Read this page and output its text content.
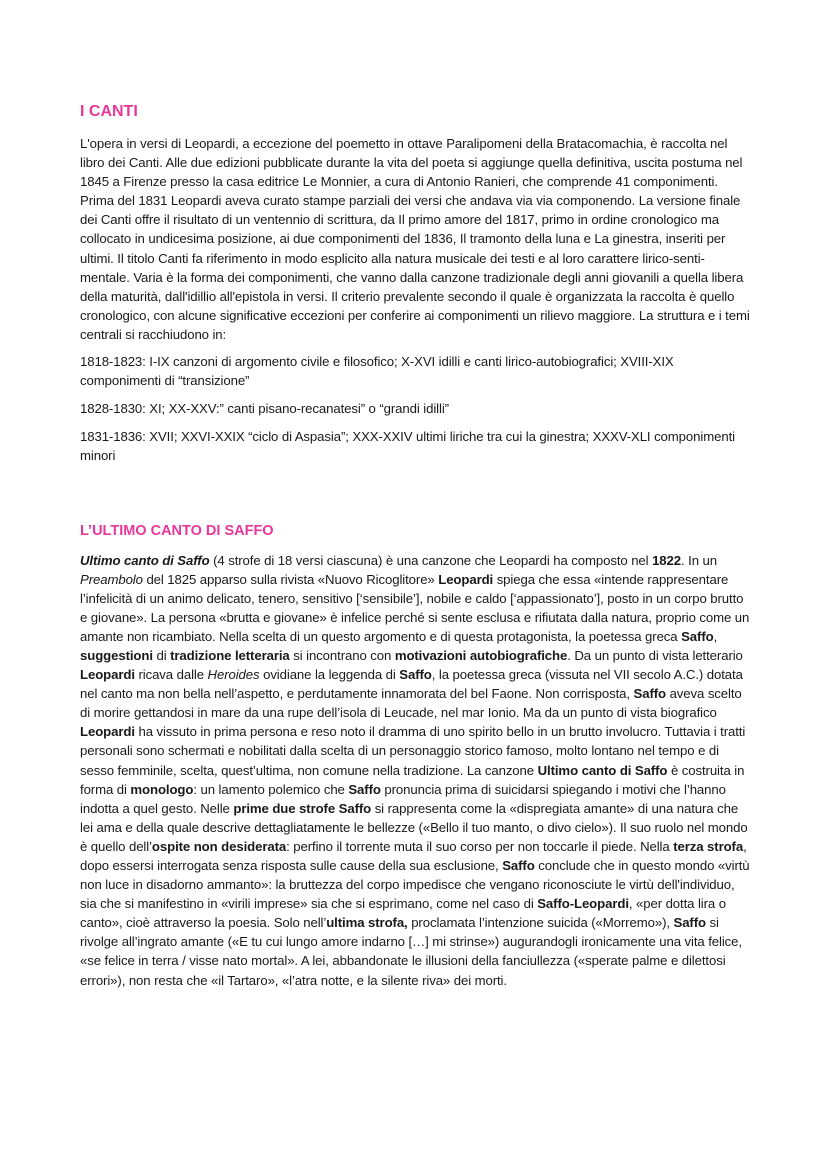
I CANTI

L'opera in versi di Leopardi, a eccezione del poemetto in ottave Paralipomeni della Bratacomachia, è raccolta nel libro dei Canti. Alle due edizioni pubblicate durante la vita del poeta si aggiunge quella definitiva, uscita postuma nel 1845 a Firenze presso la casa editrice Le Monnier, a cura di Antonio Ranieri, che comprende 41 componimenti. Prima del 1831 Leopardi aveva curato stampe parziali dei versi che andava via via componendo. La versione finale dei Canti offre il risultato di un ventennio di scrittura, da Il primo amore del 1817, primo in ordine cronologico ma collocato in undicesima posizione, ai due componimenti del 1836, Il tramonto della luna e La ginestra, inseriti per ultimi. Il titolo Canti fa riferimento in modo esplicito alla natura musicale dei testi e al loro carattere lirico-senti- mentale. Varia è la forma dei componimenti, che vanno dalla canzone tradizionale degli anni giovanili a quella libera della maturità, dall'idillio all'epistola in versi. Il criterio prevalente secondo il quale è organizzata la raccolta è quello cronologico, con alcune significative eccezioni per conferire ai componimenti un rilievo maggiore. La struttura e i temi centrali si racchiudono in:

1818-1823: I-IX canzoni di argomento civile e filosofico; X-XVI idilli e canti lirico-autobiografici; XVIII-XIX componimenti di “transizione”

1828-1830: XI; XX-XXV:” canti pisano-recanatesi” o “grandi idilli”

1831-1836: XVII; XXVI-XXIX “ciclo di Aspasia”; XXX-XXIV ultimi liriche tra cui la ginestra; XXXV-XLI componimenti minori

L’ULTIMO CANTO DI SAFFO

Ultimo canto di Saffo (4 strofe di 18 versi ciascuna) è una canzone che Leopardi ha composto nel 1822. In un Preambolo del 1825 apparso sulla rivista «Nuovo Ricoglitore» Leopardi spiega che essa «intende rappresentare l’infelicità di un animo delicato, tenero, sensitivo [‘sensibile’], nobile e caldo [‘appassionato’], posto in un corpo brutto e giovane». La persona «brutta e giovane» è infelice perché si sente esclusa e rifiutata dalla natura, proprio come un amante non ricambiato. Nella scelta di un questo argomento e di questa protagonista, la poetessa greca Saffo, suggestioni di tradizione letteraria si incontrano con motivazioni autobiografiche. Da un punto di vista letterario Leopardi ricava dalle Heroides ovidiane la leggenda di Saffo, la poetessa greca (vissuta nel VII secolo A.C.) dotata nel canto ma non bella nell’aspetto, e perdutamente innamorata del bel Faone. Non corrisposta, Saffo aveva scelto di morire gettandosi in mare da una rupe dell’isola di Leucade, nel mar Ionio. Ma da un punto di vista biografico Leopardi ha vissuto in prima persona e reso noto il dramma di uno spirito bello in un brutto involucro. Tuttavia i tratti personali sono schermati e nobilitati dalla scelta di un personaggio storico famoso, molto lontano nel tempo e di sesso femminile, scelta, quest’ultima, non comune nella tradizione. La canzone Ultimo canto di Saffo è costruita in forma di monologo: un lamento polemico che Saffo pronuncia prima di suicidarsi spiegando i motivi che l’hanno indotta a quel gesto. Nelle prime due strofe Saffo si rappresenta come la «dispregiata amante» di una natura che lei ama e della quale descrive dettagliatamente le bellezze («Bello il tuo manto, o divo cielo»). Il suo ruolo nel mondo è quello dell’ospite non desiderata: perfino il torrente muta il suo corso per non toccarle il piede. Nella terza strofa, dopo essersi interrogata senza risposta sulle cause della sua esclusione, Saffo conclude che in questo mondo «virtù non luce in disadorno ammanto»: la bruttezza del corpo impedisce che vengano riconosciute le virtù dell'individuo, sia che si manifestino in «virili imprese» sia che si esprimano, come nel caso di Saffo-Leopardi, «per dotta lira o canto», cioè attraverso la poesia. Solo nell’ultima strofa, proclamata l’intenzione suicida («Morremo»), Saffo si rivolge all’ingrato amante («E tu cui lungo amore indarno […] mi strinse») augurandogli ironicamente una vita felice, «se felice in terra / visse nato mortal». A lei, abbandonate le illusioni della fanciullezza («sperate palme e dilettosi errori»), non resta che «il Tartaro», «l’atra notte, e la silente riva» dei morti.
